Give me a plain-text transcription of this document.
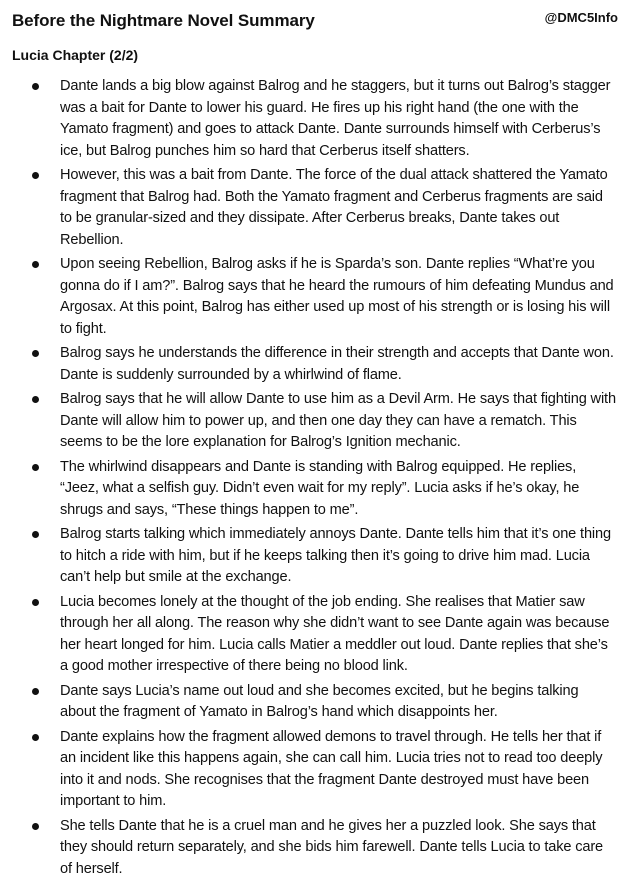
Before the Nightmare Novel Summary	@DMC5Info
Lucia Chapter (2/2)
Dante lands a big blow against Balrog and he staggers, but it turns out Balrog’s stagger was a bait for Dante to lower his guard. He fires up his right hand (the one with the Yamato fragment) and goes to attack Dante. Dante surrounds himself with Cerberus’s ice, but Balrog punches him so hard that Cerberus itself shatters.
However, this was a bait from Dante. The force of the dual attack shattered the Yamato fragment that Balrog had. Both the Yamato fragment and Cerberus fragments are said to be granular-sized and they dissipate. After Cerberus breaks, Dante takes out Rebellion.
Upon seeing Rebellion, Balrog asks if he is Sparda’s son. Dante replies “What’re you gonna do if I am?”. Balrog says that he heard the rumours of him defeating Mundus and Argosax. At this point, Balrog has either used up most of his strength or is losing his will to fight.
Balrog says he understands the difference in their strength and accepts that Dante won. Dante is suddenly surrounded by a whirlwind of flame.
Balrog says that he will allow Dante to use him as a Devil Arm. He says that fighting with Dante will allow him to power up, and then one day they can have a rematch. This seems to be the lore explanation for Balrog’s Ignition mechanic.
The whirlwind disappears and Dante is standing with Balrog equipped. He replies, “Jeez, what a selfish guy. Didn’t even wait for my reply”. Lucia asks if he’s okay, he shrugs and says, “These things happen to me”.
Balrog starts talking which immediately annoys Dante. Dante tells him that it’s one thing to hitch a ride with him, but if he keeps talking then it’s going to drive him mad. Lucia can’t help but smile at the exchange.
Lucia becomes lonely at the thought of the job ending. She realises that Matier saw through her all along. The reason why she didn’t want to see Dante again was because her heart longed for him. Lucia calls Matier a meddler out loud. Dante replies that she’s a good mother irrespective of there being no blood link.
Dante says Lucia’s name out loud and she becomes excited, but he begins talking about the fragment of Yamato in Balrog’s hand which disappoints her.
Dante explains how the fragment allowed demons to travel through. He tells her that if an incident like this happens again, she can call him. Lucia tries not to read too deeply into it and nods. She recognises that the fragment Dante destroyed must have been important to him.
She tells Dante that he is a cruel man and he gives her a puzzled look. She says that they should return separately, and she bids him farewell. Dante tells Lucia to take care of herself.
